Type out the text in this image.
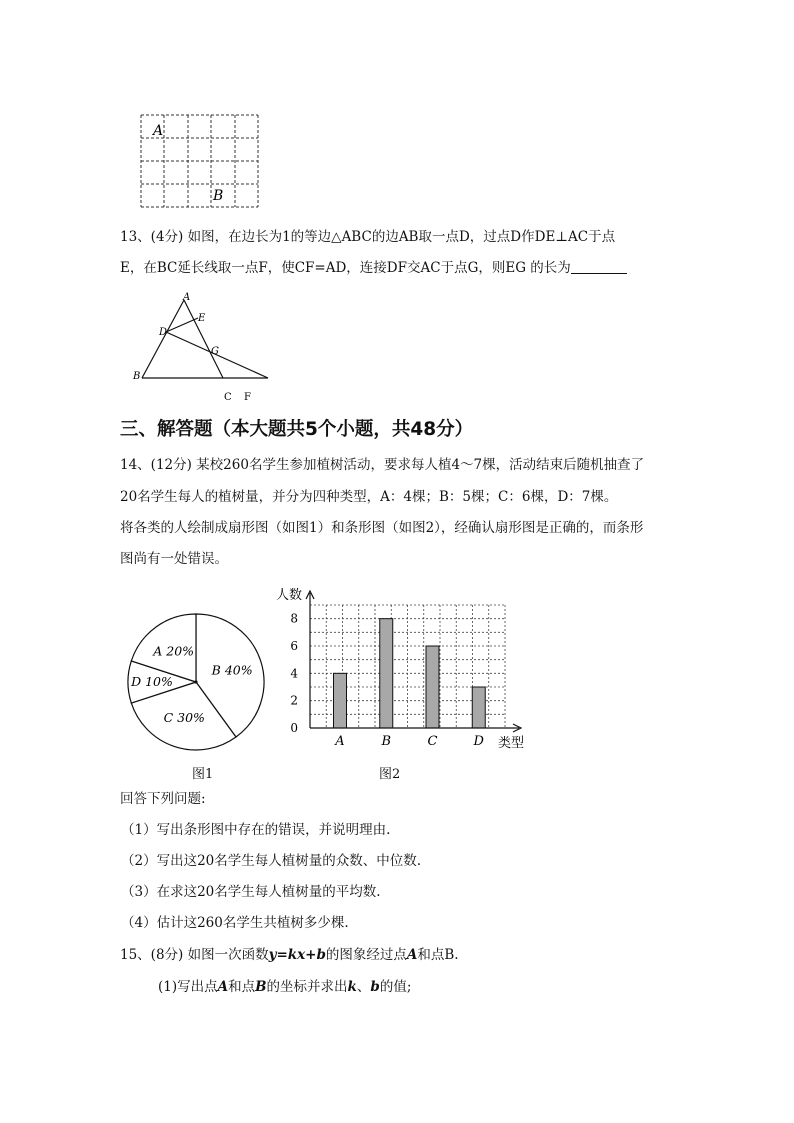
A
B
13、(4分) 如图，在边长为1的等边△ABC的边AB取一点D，过点D作DE⊥AC于点
E，在BC延长线取一点F，使CF=AD，连接DF交AC于点G，则EG 的长为
A
B
D
E
G
C F
三、解答题（本大题共5个小题，共48分）
14、(12分) 某校260名学生参加植树活动，要求每人植4～7棵，活动结束后随机抽查了
20名学生每人的植树量，并分为四种类型，A：4棵；B：5棵；C：6棵，D：7棵。
将各类的人绘制成扇形图（如图1）和条形图（如图2），经确认扇形图是正确的，而条形
图尚有一处错误。
B 40%
C 30%
D 10%
A 20%
A	B	C	D
0
2
4
6
8
人数
类型
图1	图2
回答下列问题:
（1）写出条形图中存在的错误，并说明理由.
（2）写出这20名学生每人植树量的众数、中位数.
（3）在求这20名学生每人植树量的平均数.
（4）估计这260名学生共植树多少棵.
15、(8分) 如图一次函数y=kx+b的图象经过点A和点B.
(1)写出点A和点B的坐标并求出k、b的值;
